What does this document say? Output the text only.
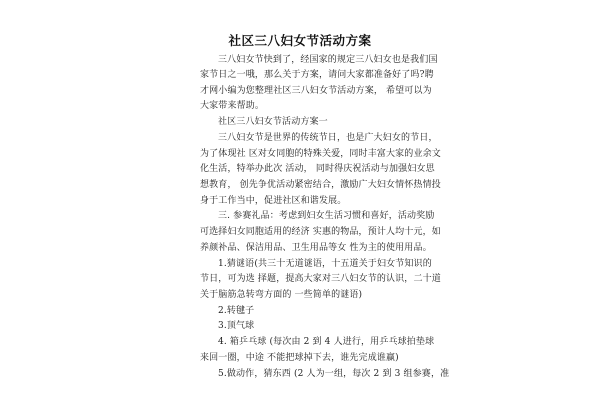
社区三八妇女节活动方案
三八妇女节快到了，经国家的规定三八妇女也是我们国
家节日之一哦，那么关于方案，请问大家都准备好了吗?聘
才网小编为您整理社区三八妇女节活动方案， 希望可以为
大家带来帮助。
社区三八妇女节活动方案一
三八妇女节是世界的传统节日，也是广大妇女的节日，
为了体现社 区对女同胞的特殊关爱，同时丰富大家的业余文
化生活，特举办此次 活动， 同时得庆祝活动与加强妇女思
想教育， 创先争优活动紧密结合，激励广大妇女情怀热情投
身于工作当中，促进社区和谐发展。
三. 参赛礼品：考虑到妇女生活习惯和喜好，活动奖励
可选择妇女同胞适用的经济 实惠的物品，预计人均十元，如
养颜补品、保洁用品、卫生用品等女 性为主的使用用品。
1.猜谜语(共三十无道谜语，十五道关于妇女节知识的
节日，可为选 择题，提高大家对三八妇女节的认识，二十道
关于脑筋急转弯方面的 一些简单的谜语)
2.转毽子
3.顶气球
4. 箱乒乓球 (每次由 2 到 4 人进行，用乒乓球拍垫球
来回一圈，中途 不能把球掉下去，谁先完成谁赢)
5.做动作，猜东西 (2 人为一组，每次 2 到 3 组参赛，准
